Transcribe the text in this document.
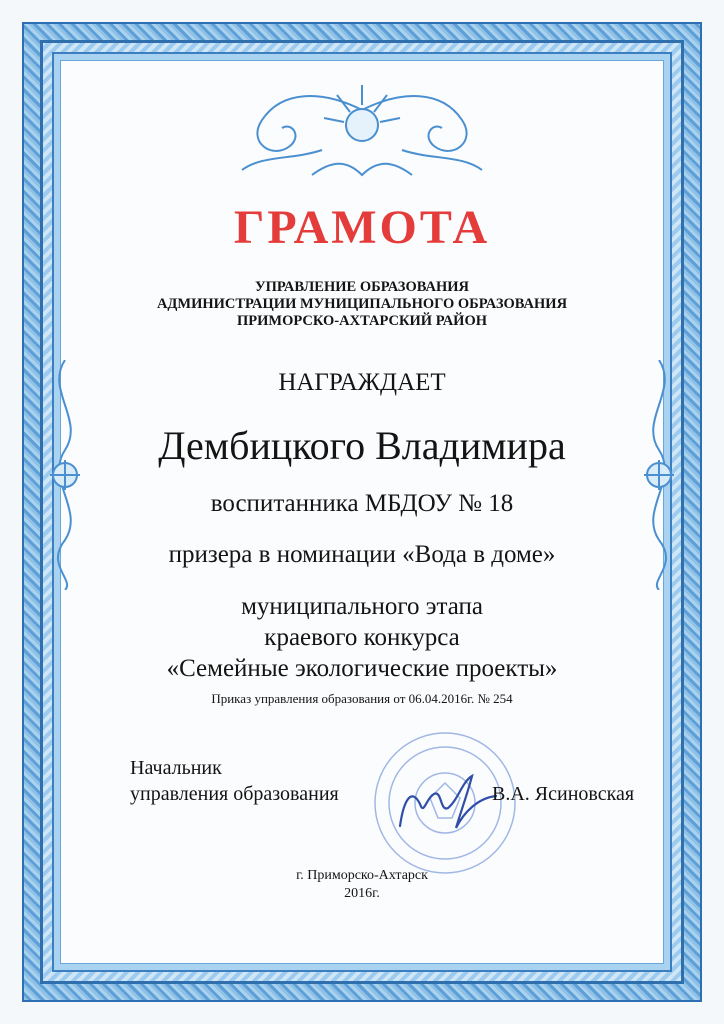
ГРАМОТА
УПРАВЛЕНИЕ ОБРАЗОВАНИЯ
АДМИНИСТРАЦИИ МУНИЦИПАЛЬНОГО ОБРАЗОВАНИЯ
ПРИМОРСКО-АХТАРСКИЙ РАЙОН
НАГРАЖДАЕТ
Дембицкого Владимира
воспитанника МБДОУ № 18
призера в номинации «Вода в доме»
муниципального этапа
краевого конкурса
«Семейные экологические проекты»
Приказ управления образования от 06.04.2016г. № 254
Начальник
управления образования	В.А. Ясиновская
г. Приморско-Ахтарск
2016г.
